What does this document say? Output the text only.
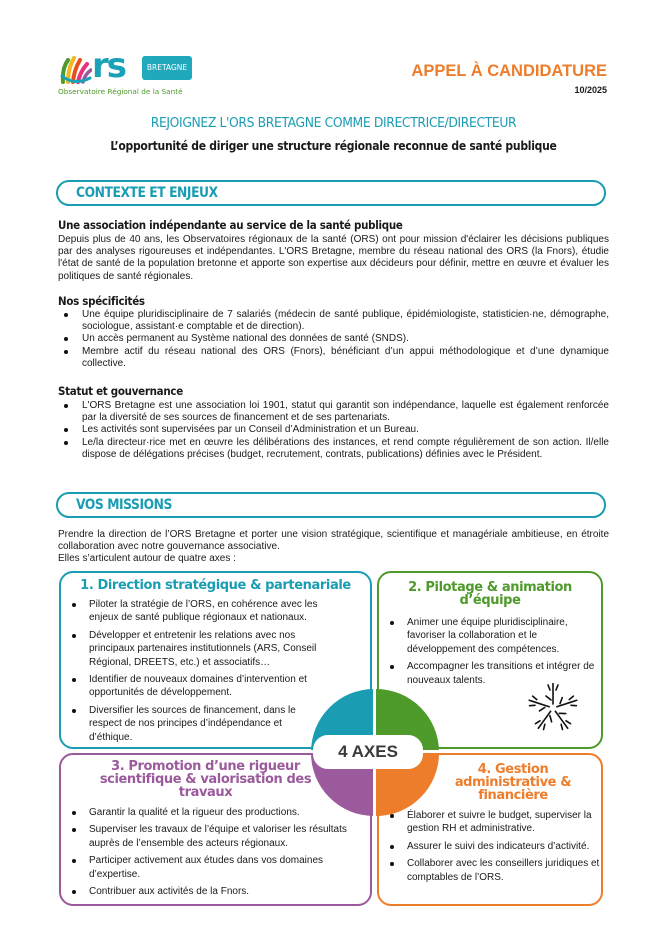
rs	BRETAGNE
Observatoire Régional de la Santé
APPEL À CANDIDATURE
10/2025
REJOIGNEZ L'ORS BRETAGNE COMME DIRECTRICE/DIRECTEUR
L’opportunité de diriger une structure régionale reconnue de santé publique
CONTEXTE ET ENJEUX
Une association indépendante au service de la santé publique
Depuis plus de 40 ans, les Observatoires régionaux de la santé (ORS) ont pour mission d'éclairer les décisions publiques par des analyses rigoureuses et indépendantes. L'ORS Bretagne, membre du réseau national des ORS (la Fnors), étudie l'état de santé de la population bretonne et apporte son expertise aux décideurs pour définir, mettre en œuvre et évaluer les politiques de santé régionales.
Nos spécificités
Une équipe pluridisciplinaire de 7 salariés (médecin de santé publique, épidémiologiste, statisticien·ne, démographe, sociologue, assistant·e comptable et de direction).
Un accès permanent au Système national des données de santé (SNDS).
Membre actif du réseau national des ORS (Fnors), bénéficiant d’un appui méthodologique et d’une dynamique collective.
Statut et gouvernance
L'ORS Bretagne est une association loi 1901, statut qui garantit son indépendance, laquelle est également renforcée par la diversité de ses sources de financement et de ses partenariats.
Les activités sont supervisées par un Conseil d’Administration et un Bureau.
Le/la directeur·rice met en œuvre les délibérations des instances, et rend compte régulièrement de son action. Il/elle dispose de délégations précises (budget, recrutement, contrats, publications) définies avec le Président.
VOS MISSIONS
Prendre la direction de l’ORS Bretagne et porter une vision stratégique, scientifique et managériale ambitieuse, en étroite collaboration avec notre gouvernance associative.
Elles s’articulent autour de quatre axes :
1. Direction stratégique & partenariale
Piloter la stratégie de l’ORS, en cohérence avec les enjeux de santé publique régionaux et nationaux.
Développer et entretenir les relations avec nos principaux partenaires institutionnels (ARS, Conseil Régional, DREETS, etc.) et associatifs…
Identifier de nouveaux domaines d’intervention et opportunités de développement.
Diversifier les sources de financement, dans le respect de nos principes d’indépendance et d’éthique.
2. Pilotage & animation d’équipe
Animer une équipe pluridisciplinaire, favoriser la collaboration et le développement des compétences.
Accompagner les transitions et intégrer de nouveaux talents.
3. Promotion d’une rigueur scientifique & valorisation des travaux
Garantir la qualité et la rigueur des productions.
Superviser les travaux de l’équipe et valoriser les résultats auprès de l’ensemble des acteurs régionaux.
Participer activement aux études dans vos domaines d’expertise.
Contribuer aux activités de la Fnors.
4. Gestion administrative & financière
Élaborer et suivre le budget, superviser la gestion RH et administrative.
Assurer le suivi des indicateurs d’activité.
Collaborer avec les conseillers juridiques et comptables de l’ORS.
4 AXES
